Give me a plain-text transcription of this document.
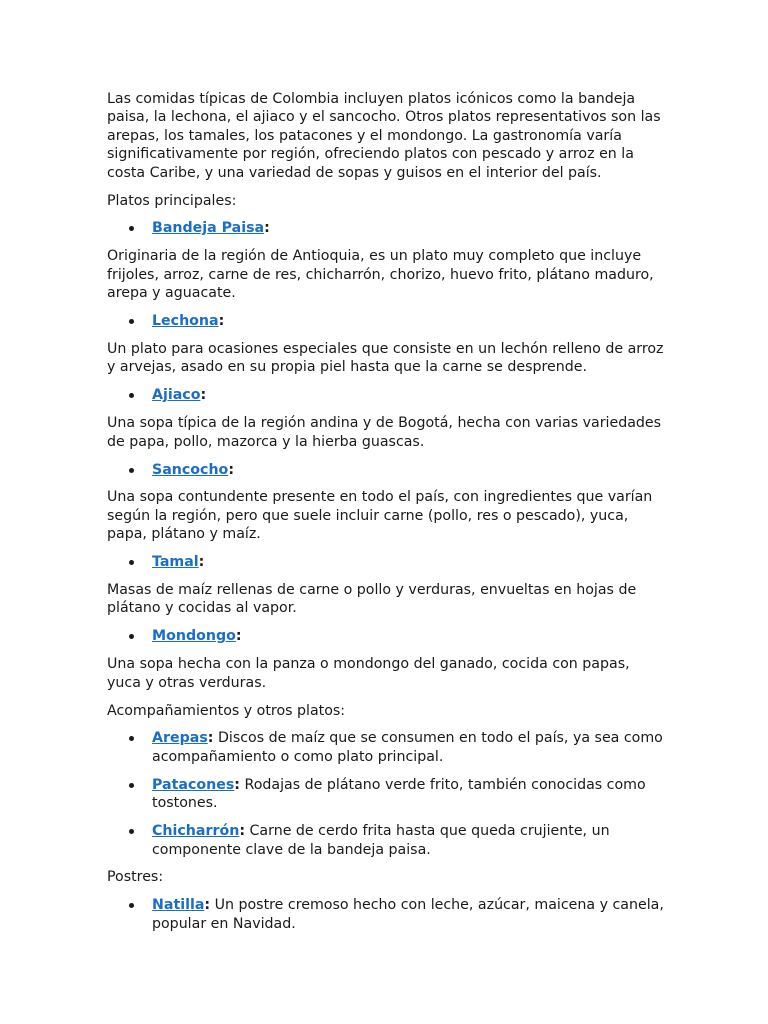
Las comidas típicas de Colombia incluyen platos icónicos como la bandeja paisa, la lechona, el ajiaco y el sancocho. Otros platos representativos son las arepas, los tamales, los patacones y el mondongo. La gastronomía varía significativamente por región, ofreciendo platos con pescado y arroz en la costa Caribe, y una variedad de sopas y guisos en el interior del país.

Platos principales:

Bandeja Paisa:

Originaria de la región de Antioquia, es un plato muy completo que incluye frijoles, arroz, carne de res, chicharrón, chorizo, huevo frito, plátano maduro, arepa y aguacate.

Lechona:

Un plato para ocasiones especiales que consiste en un lechón relleno de arroz y arvejas, asado en su propia piel hasta que la carne se desprende.

Ajiaco:

Una sopa típica de la región andina y de Bogotá, hecha con varias variedades de papa, pollo, mazorca y la hierba guascas.

Sancocho:

Una sopa contundente presente en todo el país, con ingredientes que varían según la región, pero que suele incluir carne (pollo, res o pescado), yuca, papa, plátano y maíz.

Tamal:

Masas de maíz rellenas de carne o pollo y verduras, envueltas en hojas de plátano y cocidas al vapor.

Mondongo:

Una sopa hecha con la panza o mondongo del ganado, cocida con papas, yuca y otras verduras.

Acompañamientos y otros platos:

Arepas: Discos de maíz que se consumen en todo el país, ya sea como acompañamiento o como plato principal.
Patacones: Rodajas de plátano verde frito, también conocidas como tostones.
Chicharrón: Carne de cerdo frita hasta que queda crujiente, un componente clave de la bandeja paisa.

Postres:

Natilla: Un postre cremoso hecho con leche, azúcar, maicena y canela, popular en Navidad.
